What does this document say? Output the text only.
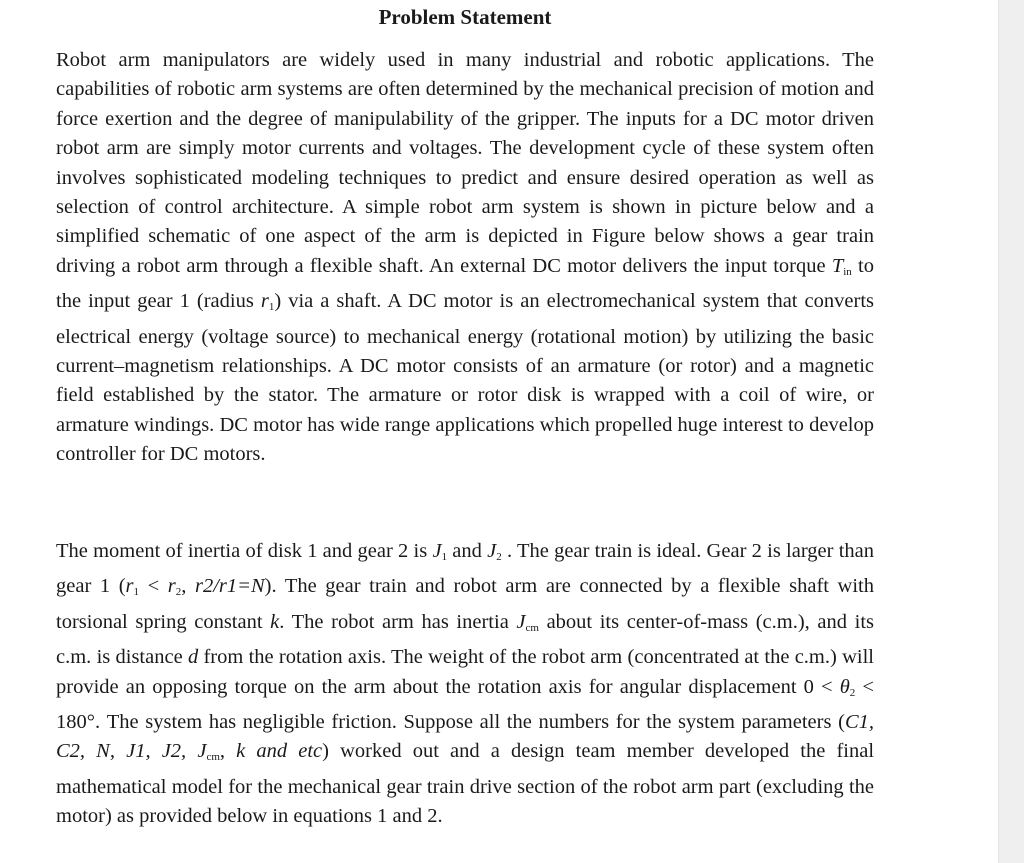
Problem Statement
Robot arm manipulators are widely used in many industrial and robotic applications. The capabilities of robotic arm systems are often determined by the mechanical precision of motion and force exertion and the degree of manipulability of the gripper. The inputs for a DC motor driven robot arm are simply motor currents and voltages. The development cycle of these system often involves sophisticated modeling techniques to predict and ensure desired operation as well as selection of control architecture. A simple robot arm system is shown in picture below and a simplified schematic of one aspect of the arm is depicted in Figure below shows a gear train driving a robot arm through a flexible shaft. An external DC motor delivers the input torque $T_{in}$ to the input gear 1 (radius $r_1$) via a shaft. A DC motor is an electromechanical system that converts electrical energy (voltage source) to mechanical energy (rotational motion) by utilizing the basic current–magnetism relationships. A DC motor consists of an armature (or rotor) and a magnetic field established by the stator. The armature or rotor disk is wrapped with a coil of wire, or armature windings. DC motor has wide range applications which propelled huge interest to develop controller for DC motors.
The moment of inertia of disk 1 and gear 2 is $J_1$ and $J_2$ . The gear train is ideal. Gear 2 is larger than gear 1 ($r_1 < r_2$, r2/r1=N). The gear train and robot arm are connected by a flexible shaft with torsional spring constant k. The robot arm has inertia $J_{cm}$ about its center-of-mass (c.m.), and its c.m. is distance d from the rotation axis. The weight of the robot arm (concentrated at the c.m.) will provide an opposing torque on the arm about the rotation axis for angular displacement $0 < \theta_2 < 180^\circ$. The system has negligible friction. Suppose all the numbers for the system parameters (C1, C2, N, J1, J2, $J_{cm}$, k and etc) worked out and a design team member developed the final mathematical model for the mechanical gear train drive section of the robot arm part (excluding the motor) as provided below in equations 1 and 2.
